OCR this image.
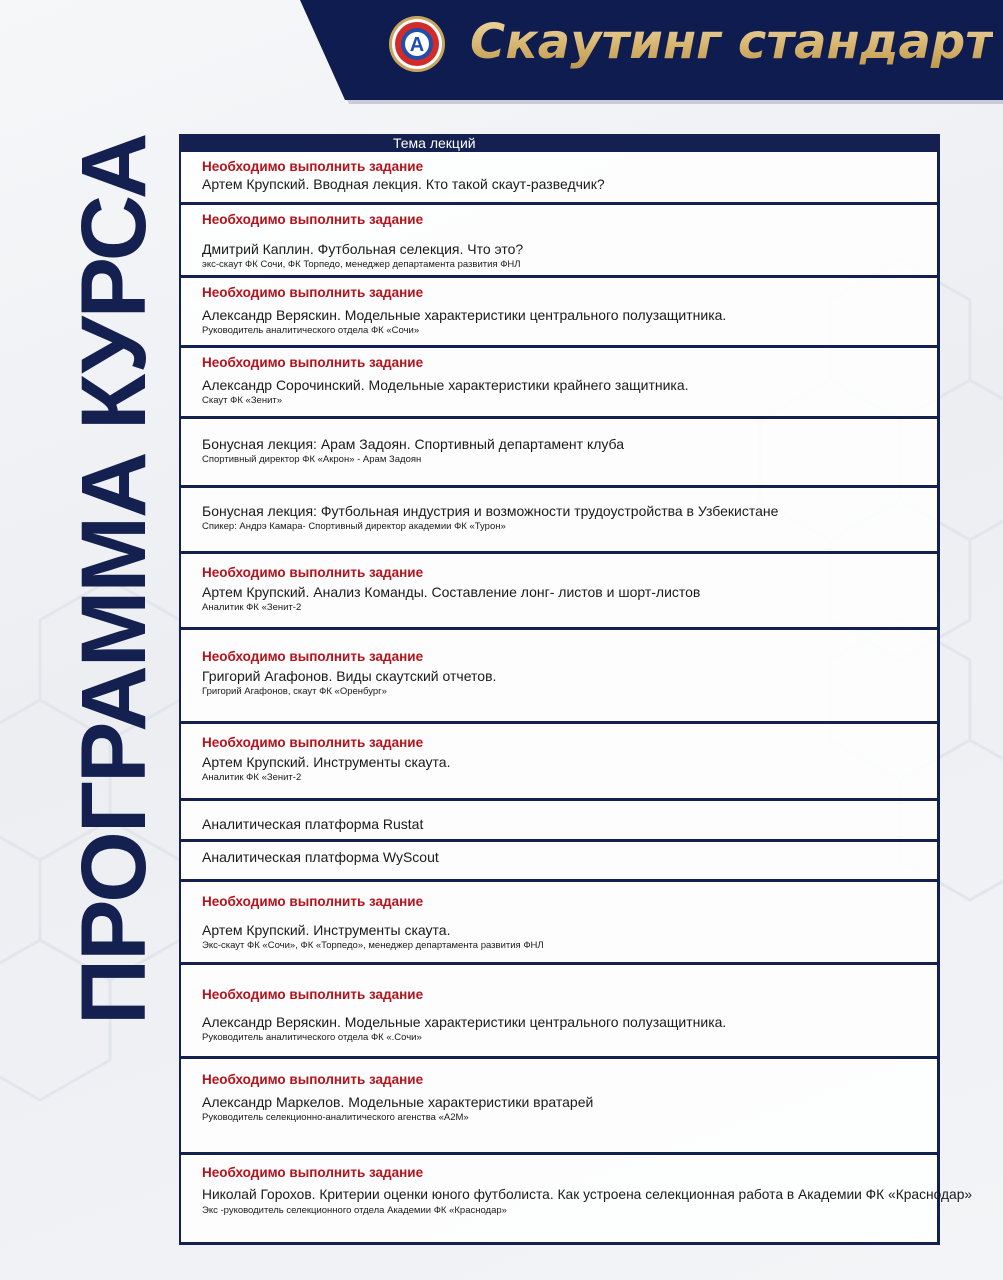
А Скаутинг стандарт
ПРОГРАММА КУРСА	Тема лекций
Необходимо выполнить задание
Артем Крупский. Вводная лекция. Кто такой скаут-разведчик?
Необходимо выполнить задание
Дмитрий Каплин. Футбольная селекция. Что это?
экс-скаут ФК Сочи, ФК Торпедо, менеджер департамента развития ФНЛ
Необходимо выполнить задание
Александр Веряскин. Модельные характеристики центрального полузащитника.
Руководитель аналитического отдела ФК «Сочи»
Необходимо выполнить задание
Александр Сорочинский. Модельные характеристики крайнего защитника.
Скаут ФК «Зенит»
Бонусная лекция: Арам Задоян. Спортивный департамент клуба
Спортивный директор ФК «Акрон» - Арам Задоян
Бонусная лекция: Футбольная индустрия и возможности трудоустройства в Узбекистане
Спикер: Андрэ Камара- Спортивный директор академии ФК «Турон»
Необходимо выполнить задание
Артем Крупский. Анализ Команды. Составление лонг- листов и шорт-листов
Аналитик ФК «Зенит-2
Необходимо выполнить задание
Григорий Агафонов. Виды скаутский отчетов.
Григорий Агафонов, скаут ФК «Оренбург»
Необходимо выполнить задание
Артем Крупский. Инструменты скаута.
Аналитик ФК «Зенит-2
Аналитическая платформа Rustat
Аналитическая платформа WyScout
Необходимо выполнить задание
Артем Крупский. Инструменты скаута.
Экс-скаут ФК «Сочи», ФК «Торпедо», менеджер департамента развития ФНЛ
Необходимо выполнить задание
Александр Веряскин. Модельные характеристики центрального полузащитника.
Руководитель аналитического отдела ФК «.Сочи»
Необходимо выполнить задание
Александр Маркелов. Модельные характеристики вратарей
Руководитель селекционно-аналитического агенства «А2М»
Необходимо выполнить задание
Николай Горохов. Критерии оценки юного футболиста. Как устроена селекционная работа в Академии ФК «Краснодар»
Экс -руководитель селекционного отдела Академии ФК «Краснодар»
